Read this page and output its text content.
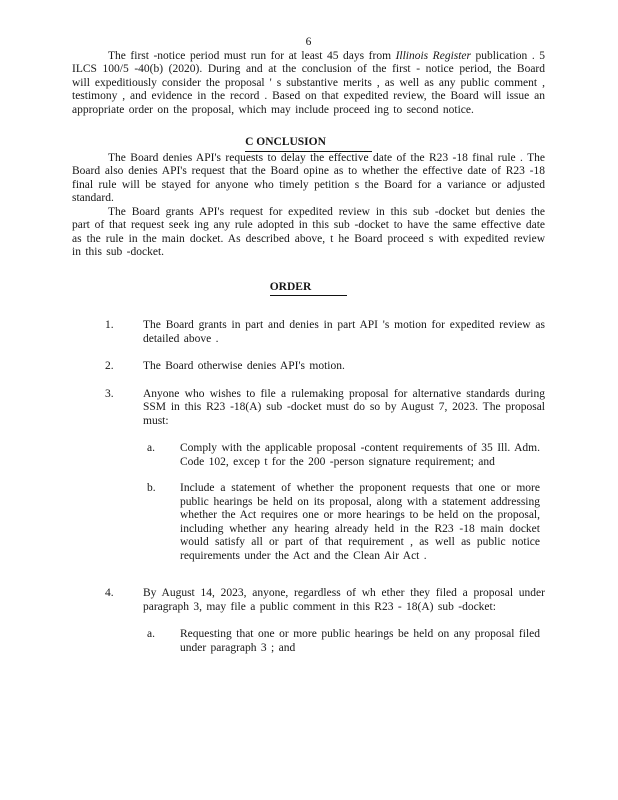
6

The first -notice period must run for at least 45 days from Illinois Register publication . 5 ILCS 100/5 -40(b) (2020). During and at the conclusion of the first - notice period, the Board will expeditiously consider the proposal ' s substantive merits , as well as any public comment , testimony , and evidence in the record . Based on that expedited review, the Board will issue an appropriate order on the proposal, which may include proceed ing to second notice.

C ONCLUSION

The Board denies API's requests to delay the effective date of the R23 -18 final rule . The Board also denies API's request that the Board opine as to whether the effective date of R23 -18 final rule will be stayed for anyone who timely petition s the Board for a variance or adjusted standard.

The Board grants API's request for expedited review in this sub -docket but denies the part of that request seek ing any rule adopted in this sub -docket to have the same effective date as the rule in the main docket. As described above, t he Board proceed s with expedited review in this sub -docket.

ORDER
1.	The Board grants in part and denies in part API 's motion for expedited review as detailed above .
2.	The Board otherwise denies API's motion.
3.	Anyone who wishes to file a rulemaking proposal for alternative standards during SSM in this R23 -18(A) sub -docket must do so by August 7, 2023. The proposal must:
a.	Comply with the applicable proposal -content requirements of 35 Ill. Adm. Code 102, excep t for the 200 -person signature requirement; and
b.	Include a statement of whether the proponent requests that one or more public hearings be held on its proposal, along with a statement addressing whether the Act requires one or more hearings to be held on the proposal, including whether any hearing already held in the R23 -18 main docket would satisfy all or part of that requirement , as well as public notice requirements under the Act and the Clean Air Act .
4.	By August 14, 2023, anyone, regardless of wh ether they filed a proposal under paragraph 3, may file a public comment in this R23 - 18(A) sub -docket:
a.	Requesting that one or more public hearings be held on any proposal filed under paragraph 3 ; and
